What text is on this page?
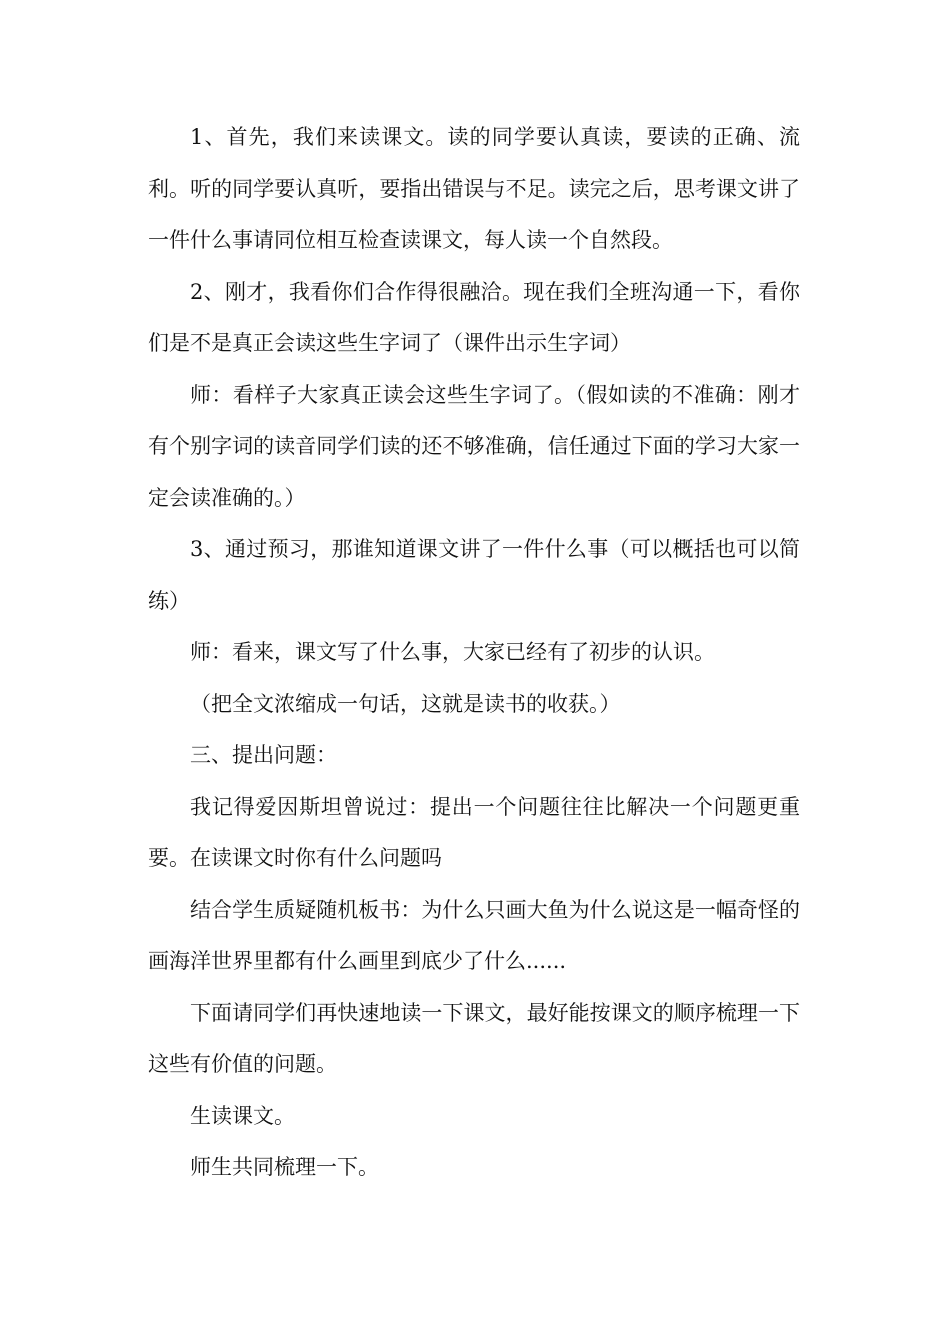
1、首先，我们来读课文。读的同学要认真读，要读的正确、流利。听的同学要认真听，要指出错误与不足。读完之后，思考课文讲了一件什么事请同位相互检查读课文，每人读一个自然段。

2、刚才，我看你们合作得很融洽。现在我们全班沟通一下，看你们是不是真正会读这些生字词了（课件出示生字词）

师：看样子大家真正读会这些生字词了。（假如读的不准确：刚才有个别字词的读音同学们读的还不够准确，信任通过下面的学习大家一定会读准确的。）

3、通过预习，那谁知道课文讲了一件什么事（可以概括也可以简练）

师：看来，课文写了什么事，大家已经有了初步的认识。

（把全文浓缩成一句话，这就是读书的收获。）

三、提出问题：

我记得爱因斯坦曾说过：提出一个问题往往比解决一个问题更重要。在读课文时你有什么问题吗

结合学生质疑随机板书：为什么只画大鱼为什么说这是一幅奇怪的画海洋世界里都有什么画里到底少了什么......

下面请同学们再快速地读一下课文，最好能按课文的顺序梳理一下这些有价值的问题。

生读课文。

师生共同梳理一下。
